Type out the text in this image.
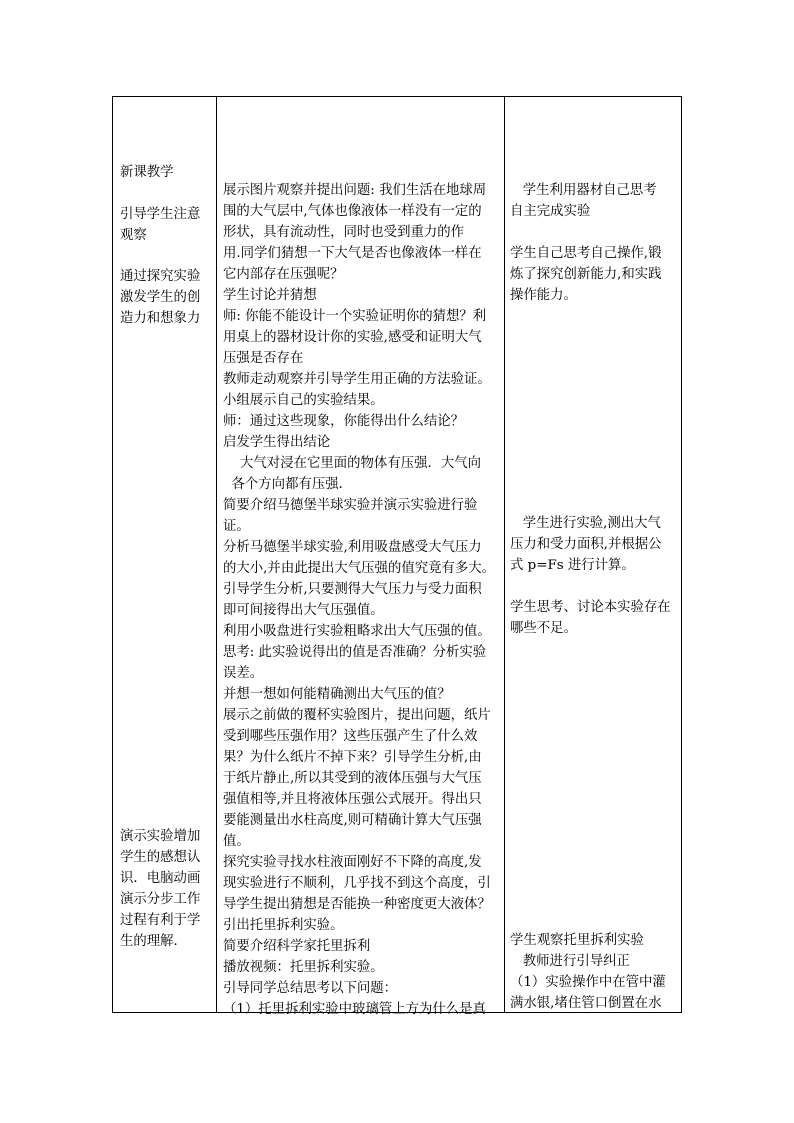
新课教学

引导学生注意

观察

通过探究实验

激发学生的创

造力和想象力

演示实验增加

学生的感想认

识．电脑动画

演示分步工作

过程有利于学

生的理解．

展示图片观察并提出问题: 我们生活在地球周

围的大气层中,气体也像液体一样没有一定的

形状，具有流动性，同时也受到重力的作

用.同学们猜想一下大气是否也像液体一样在

它内部存在压强呢？

学生讨论并猜想

师: 你能不能设计一个实验证明你的猜想？利

用桌上的器材设计你的实验,感受和证明大气

压强是否存在

教师走动观察并引导学生用正确的方法验证。

小组展示自己的实验结果。

师：通过这些现象，你能得出什么结论？

启发学生得出结论

大气对浸在它里面的物体有压强．大气向

各个方向都有压强．

简要介绍马德堡半球实验并演示实验进行验

证。

分析马德堡半球实验,利用吸盘感受大气压力

的大小,并由此提出大气压强的值究竟有多大。

引导学生分析,只要测得大气压力与受力面积

即可间接得出大气压强值。

利用小吸盘进行实验粗略求出大气压强的值。

思考: 此实验说得出的值是否准确？分析实验

误差。

并想一想如何能精确测出大气压的值？

展示之前做的覆杯实验图片，提出问题，纸片

受到哪些压强作用？这些压强产生了什么效

果？为什么纸片不掉下来？引导学生分析,由

于纸片静止,所以其受到的液体压强与大气压

强值相等,并且将液体压强公式展开。得出只

要能测量出水柱高度,则可精确计算大气压强

值。

探究实验寻找水柱液面刚好不下降的高度,发

现实验进行不顺利，几乎找不到这个高度，引

导学生提出猜想是否能换一种密度更大液体？

引出托里拆利实验。

简要介绍科学家托里拆利

播放视频：托里拆利实验。

引导同学总结思考以下问题：

（1）托里拆利实验中玻璃管上方为什么是真

学生利用器材自己思考

自主完成实验

学生自己思考自己操作,锻

炼了探究创新能力,和实践

操作能力。

学生进行实验,测出大气

压力和受力面积,并根据公

式 p=Fs 进行计算。

学生思考、讨论本实验存在

哪些不足。

学生观察托里拆利实验

教师进行引导纠正

（1）实验操作中在管中灌

满水银,堵住管口倒置在水
